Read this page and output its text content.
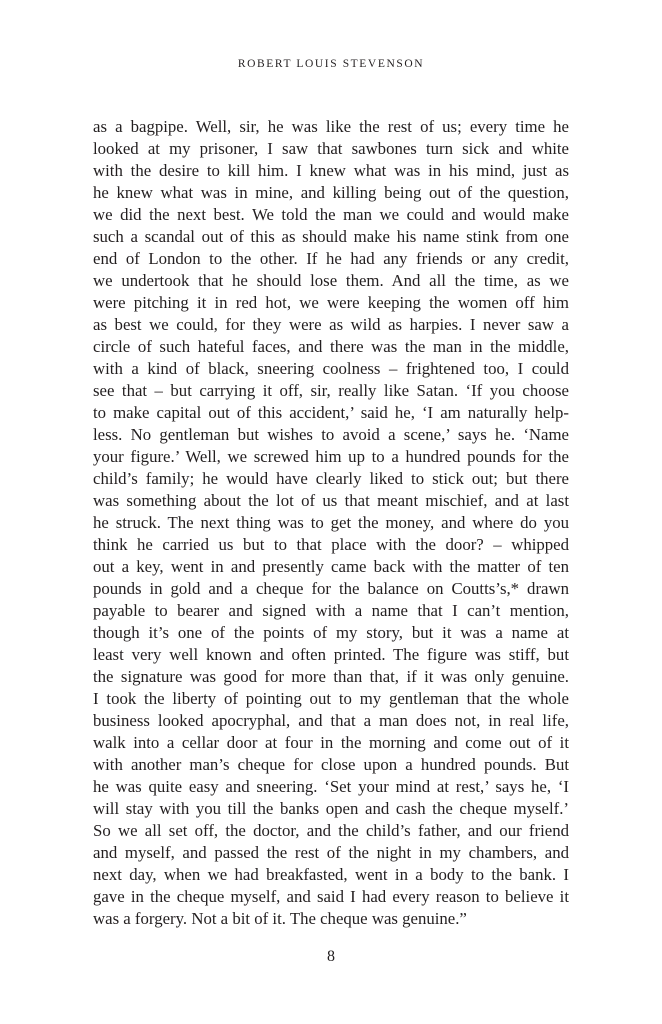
ROBERT LOUIS STEVENSON
as a bagpipe. Well, sir, he was like the rest of us; every time he
looked at my prisoner, I saw that sawbones turn sick and white
with the desire to kill him. I knew what was in his mind, just as
he knew what was in mine, and killing being out of the question,
we did the next best. We told the man we could and would make
such a scandal out of this as should make his name stink from one
end of London to the other. If he had any friends or any credit,
we undertook that he should lose them. And all the time, as we
were pitching it in red hot, we were keeping the women off him
as best we could, for they were as wild as harpies. I never saw a
circle of such hateful faces, and there was the man in the middle,
with a kind of black, sneering coolness – frightened too, I could
see that – but carrying it off, sir, really like Satan. ‘If you choose
to make capital out of this accident,’ said he, ‘I am naturally help-
less. No gentleman but wishes to avoid a scene,’ says he. ‘Name
your figure.’ Well, we screwed him up to a hundred pounds for the
child’s family; he would have clearly liked to stick out; but there
was something about the lot of us that meant mischief, and at last
he struck. The next thing was to get the money, and where do you
think he carried us but to that place with the door? – whipped
out a key, went in and presently came back with the matter of ten
pounds in gold and a cheque for the balance on Coutts’s,* drawn
payable to bearer and signed with a name that I can’t mention,
though it’s one of the points of my story, but it was a name at
least very well known and often printed. The figure was stiff, but
the signature was good for more than that, if it was only genuine.
I took the liberty of pointing out to my gentleman that the whole
business looked apocryphal, and that a man does not, in real life,
walk into a cellar door at four in the morning and come out of it
with another man’s cheque for close upon a hundred pounds. But
he was quite easy and sneering. ‘Set your mind at rest,’ says he, ‘I
will stay with you till the banks open and cash the cheque myself.’
So we all set off, the doctor, and the child’s father, and our friend
and myself, and passed the rest of the night in my chambers, and
next day, when we had breakfasted, went in a body to the bank. I
gave in the cheque myself, and said I had every reason to believe it
was a forgery. Not a bit of it. The cheque was genuine.”
8
